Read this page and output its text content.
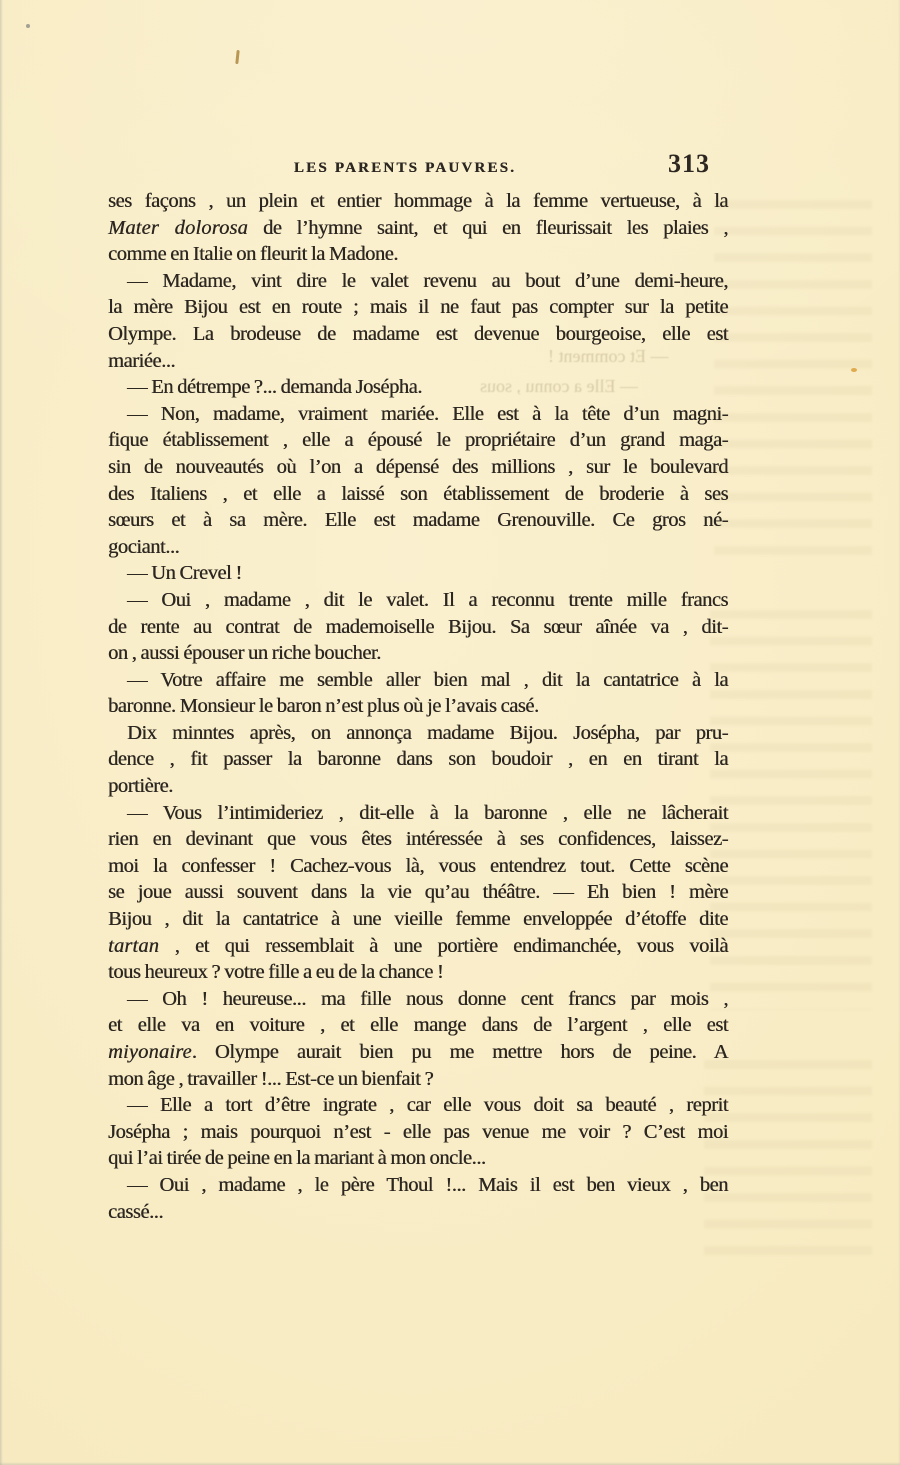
— Et comment !
— Elle a connu , sous
LES PARENTS PAUVRES.	313
ses façons , un plein et entier hommage à la femme vertueuse, à la
Mater dolorosa de l’hymne saint, et qui en fleurissait les plaies ,
comme en Italie on fleurit la Madone.
— Madame, vint dire le valet revenu au bout d’une demi-heure,
la mère Bijou est en route ; mais il ne faut pas compter sur la petite
Olympe. La brodeuse de madame est devenue bourgeoise, elle est
mariée...
— En détrempe ?... demanda Josépha.
— Non, madame, vraiment mariée. Elle est à la tête d’un magni-
fique établissement , elle a épousé le propriétaire d’un grand maga-
sin de nouveautés où l’on a dépensé des millions , sur le boulevard
des Italiens , et elle a laissé son établissement de broderie à ses
sœurs et à sa mère. Elle est madame Grenouville. Ce gros né-
gociant...
— Un Crevel !
— Oui , madame , dit le valet. Il a reconnu trente mille francs
de rente au contrat de mademoiselle Bijou. Sa sœur aînée va , dit-
on , aussi épouser un riche boucher.
— Votre affaire me semble aller bien mal , dit la cantatrice à la
baronne. Monsieur le baron n’est plus où je l’avais casé.
Dix minntes après, on annonça madame Bijou. Josépha, par pru-
dence , fit passer la baronne dans son boudoir , en en tirant la
portière.
— Vous l’intimideriez , dit-elle à la baronne , elle ne lâcherait
rien en devinant que vous êtes intéressée à ses confidences, laissez-
moi la confesser ! Cachez-vous là, vous entendrez tout. Cette scène
se joue aussi souvent dans la vie qu’au théâtre. — Eh bien ! mère
Bijou , dit la cantatrice à une vieille femme enveloppée d’étoffe dite
tartan , et qui ressemblait à une portière endimanchée, vous voilà
tous heureux ? votre fille a eu de la chance !
— Oh ! heureuse... ma fille nous donne cent francs par mois ,
et elle va en voiture , et elle mange dans de l’argent , elle est
miyonaire. Olympe aurait bien pu me mettre hors de peine. A
mon âge , travailler !... Est-ce un bienfait ?
— Elle a tort d’être ingrate , car elle vous doit sa beauté , reprit
Josépha ; mais pourquoi n’est - elle pas venue me voir ? C’est moi
qui l’ai tirée de peine en la mariant à mon oncle...
— Oui , madame , le père Thoul !... Mais il est ben vieux , ben
cassé...
